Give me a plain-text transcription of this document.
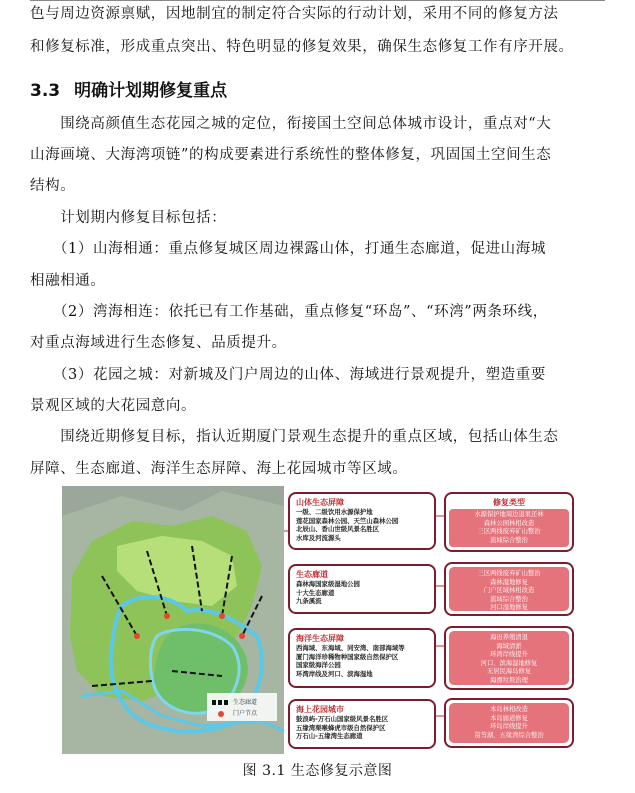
色与周边资源禀赋，因地制宜的制定符合实际的行动计划，采用不同的修复方法
和修复标准，形成重点突出、特色明显的修复效果，确保生态修复工作有序开展。
3.3 明确计划期修复重点
　　围绕高颜值生态花园之城的定位，衔接国土空间总体城市设计，重点对“大
山海画境、大海湾项链”的构成要素进行系统性的整体修复，巩固国土空间生态
结构。
　　计划期内修复目标包括：
　　（1）山海相通：重点修复城区周边裸露山体，打通生态廊道，促进山海城
相融相通。
　　（2）湾海相连：依托已有工作基础，重点修复“环岛”、“环湾”两条环线，
对重点海域进行生态修复、品质提升。
　　（3）花园之城：对新城及门户周边的山体、海域进行景观提升，塑造重要
景观区域的大花园意向。
　　围绕近期修复目标，指认近期厦门景观生态提升的重点区域，包括山体生态
屏障、生态廊道、海洋生态屏障、海上花园城市等区域。
生态廊道
门户节点
山体生态屏障
一级、二级饮用水源保护地
莲花国家森林公园、天竺山森林公园
北辰山、香山世级风景名胜区
水库及河流源头
生态廊道
森林海国家级湿地公园
十大生态廊道
九条溪流
海洋生态屏障
西海域、东海域、同安湾、南部海域等
厦门海洋珍稀物种国家级自然保护区
国家级海洋公园
环湾岸线及河口、滨海湿地
海上花园城市
鼓浪屿-万石山国家级风景名胜区
五缘湾栗喉蜂虎市级自然保护区
万石山-五缘湾生态廊道
修复类型
水源保护地周边退果还林
森林公园林相改造
三区两线废弃矿山整治
流域综合整治
三区两线废弃矿山整治
森林湿地修复
门户区域林相改造
流域综合整治
河口湿地修复
海田养殖清退
海域清淤
环湾岸线提升
河口、滨海湿地修复
无居民海岛修复
海漂垃圾治理
本岛林相改造
本岛廊道修复
环岛岸线提升
筼筜湖、五缘湾综合整治
图 3.1 生态修复示意图
